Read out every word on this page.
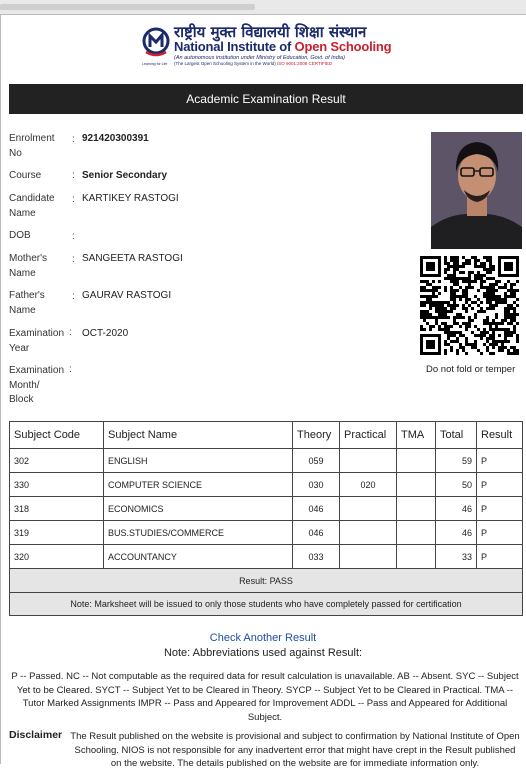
Learning for Life
राष्ट्रीय मुक्त विद्यालयी शिक्षा संस्थान
National Institute of Open Schooling
(An autonomous institution under Ministry of Education, Govt. of India)
(The Largest Open Schooling System in the World) ISO 9001:2008 CERTIFIED
Academic Examination Result
Enrolment
No
: 921420300391
Course	: Senior Secondary
Candidate
Name
: KARTIKEY RASTOGI
DOB	:
Mother's
Name
: SANGEETA RASTOGI
Father's
Name
: GAURAV RASTOGI
Examination
Year
: OCT-2020
Examination
Month/
Block
:	Do not fold or temper
Subject Code	Subject Name	Theory	Practical	TMA	Total	Result
302	ENGLISH	059			59	P
330	COMPUTER SCIENCE	030	020		50	P
318	ECONOMICS	046			46	P
319	BUS.STUDIES/COMMERCE	046			46	P
320	ACCOUNTANCY	033			33	P
Result: PASS						
Note: Marksheet will be issued to only those students who have completely passed for certification						
Check Another Result
Note: Abbreviations used against Result:
P -- Passed. NC -- Not computable as the required data for result calculation is unavailable. AB -- Absent. SYC -- Subject Yet to be Cleared. SYCT -- Subject Yet to be Cleared in Theory. SYCP -- Subject Yet to be Cleared in Practical. TMA -- Tutor Marked Assignments IMPR -- Pass and Appeared for Improvement ADDL -- Pass and Appeared for Additional Subject.
Disclaimer The Result published on the website is provisional and subject to confirmation by National Institute of Open Schooling. NIOS is not responsible for any inadvertent error that might have crept in the Result published on the website. The details published on the website are for immediate information only.
